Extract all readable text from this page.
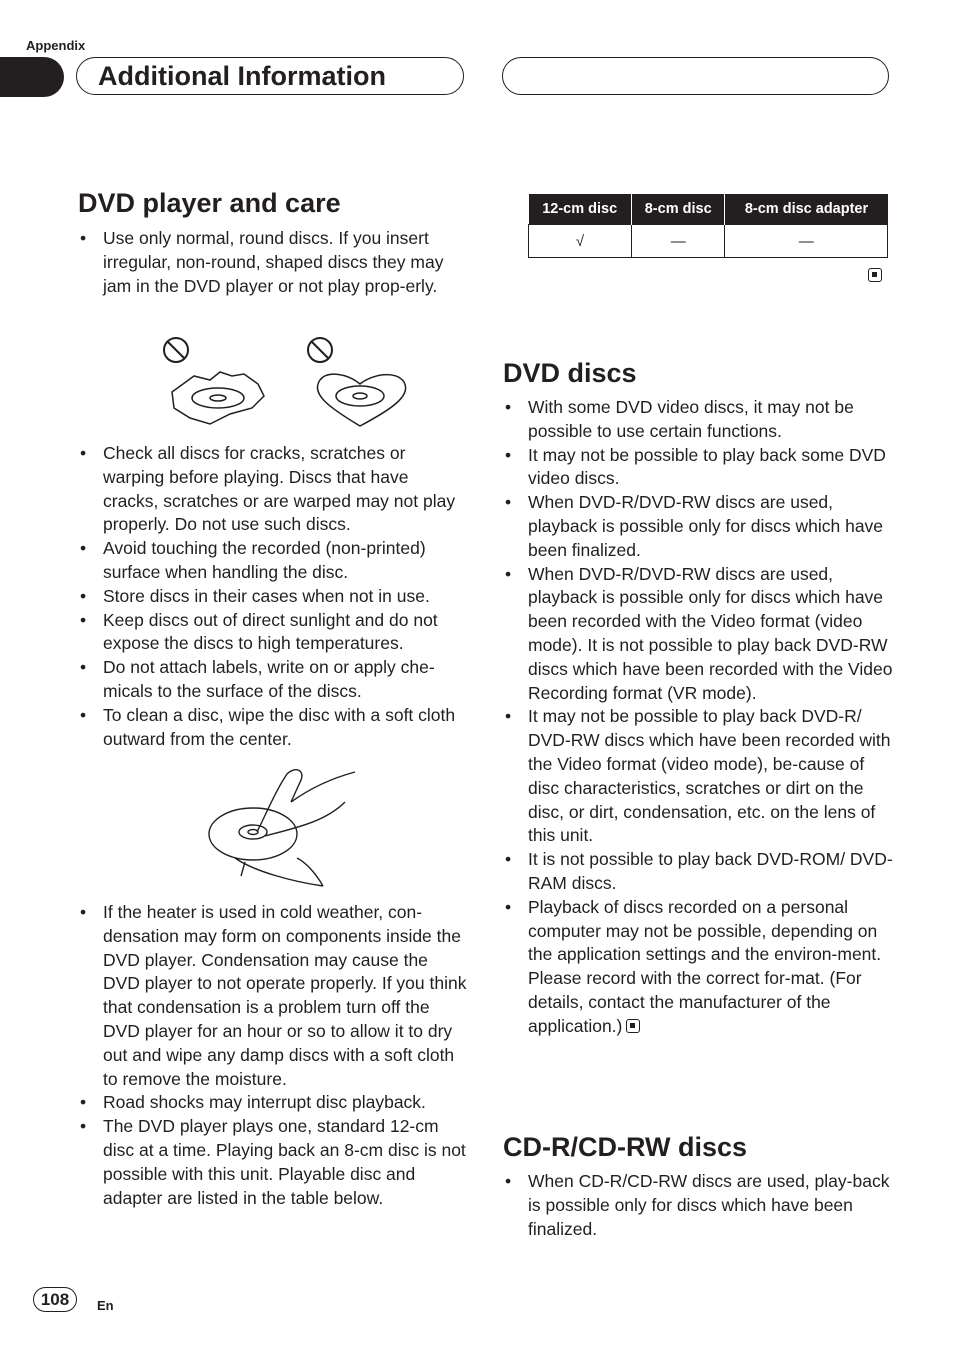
Appendix
Additional Information
DVD player and care
• Use only normal, round discs. If you insert irregular, non-round, shaped discs they may jam in the DVD player or not play prop-erly.
• Check all discs for cracks, scratches or warping before playing. Discs that have cracks, scratches or are warped may not play properly. Do not use such discs.
• Avoid touching the recorded (non-printed) surface when handling the disc.
• Store discs in their cases when not in use.
• Keep discs out of direct sunlight and do not expose the discs to high temperatures.
• Do not attach labels, write on or apply che-micals to the surface of the discs.
• To clean a disc, wipe the disc with a soft cloth outward from the center.
• If the heater is used in cold weather, con-densation may form on components inside the DVD player. Condensation may cause the DVD player to not operate properly. If you think that condensation is a problem turn off the DVD player for an hour or so to allow it to dry out and wipe any damp discs with a soft cloth to remove the moisture.
• Road shocks may interrupt disc playback.
• The DVD player plays one, standard 12-cm disc at a time. Playing back an 8-cm disc is not possible with this unit. Playable disc and adapter are listed in the table below.
12-cm disc	8-cm disc	8-cm disc adapter
√	—	—
DVD discs
• With some DVD video discs, it may not be possible to use certain functions.
• It may not be possible to play back some DVD video discs.
• When DVD-R/DVD-RW discs are used, playback is possible only for discs which have been finalized.
• When DVD-R/DVD-RW discs are used, playback is possible only for discs which have been recorded with the Video format (video mode). It is not possible to play back DVD-RW discs which have been recorded with the Video Recording format (VR mode).
• It may not be possible to play back DVD-R/ DVD-RW discs which have been recorded with the Video format (video mode), be-cause of disc characteristics, scratches or dirt on the disc, or dirt, condensation, etc. on the lens of this unit.
• It is not possible to play back DVD-ROM/ DVD-RAM discs.
• Playback of discs recorded on a personal computer may not be possible, depending on the application settings and the environ-ment. Please record with the correct for-mat. (For details, contact the manufacturer of the application.)
CD-R/CD-RW discs
• When CD-R/CD-RW discs are used, play-back is possible only for discs which have been finalized.
108	En
